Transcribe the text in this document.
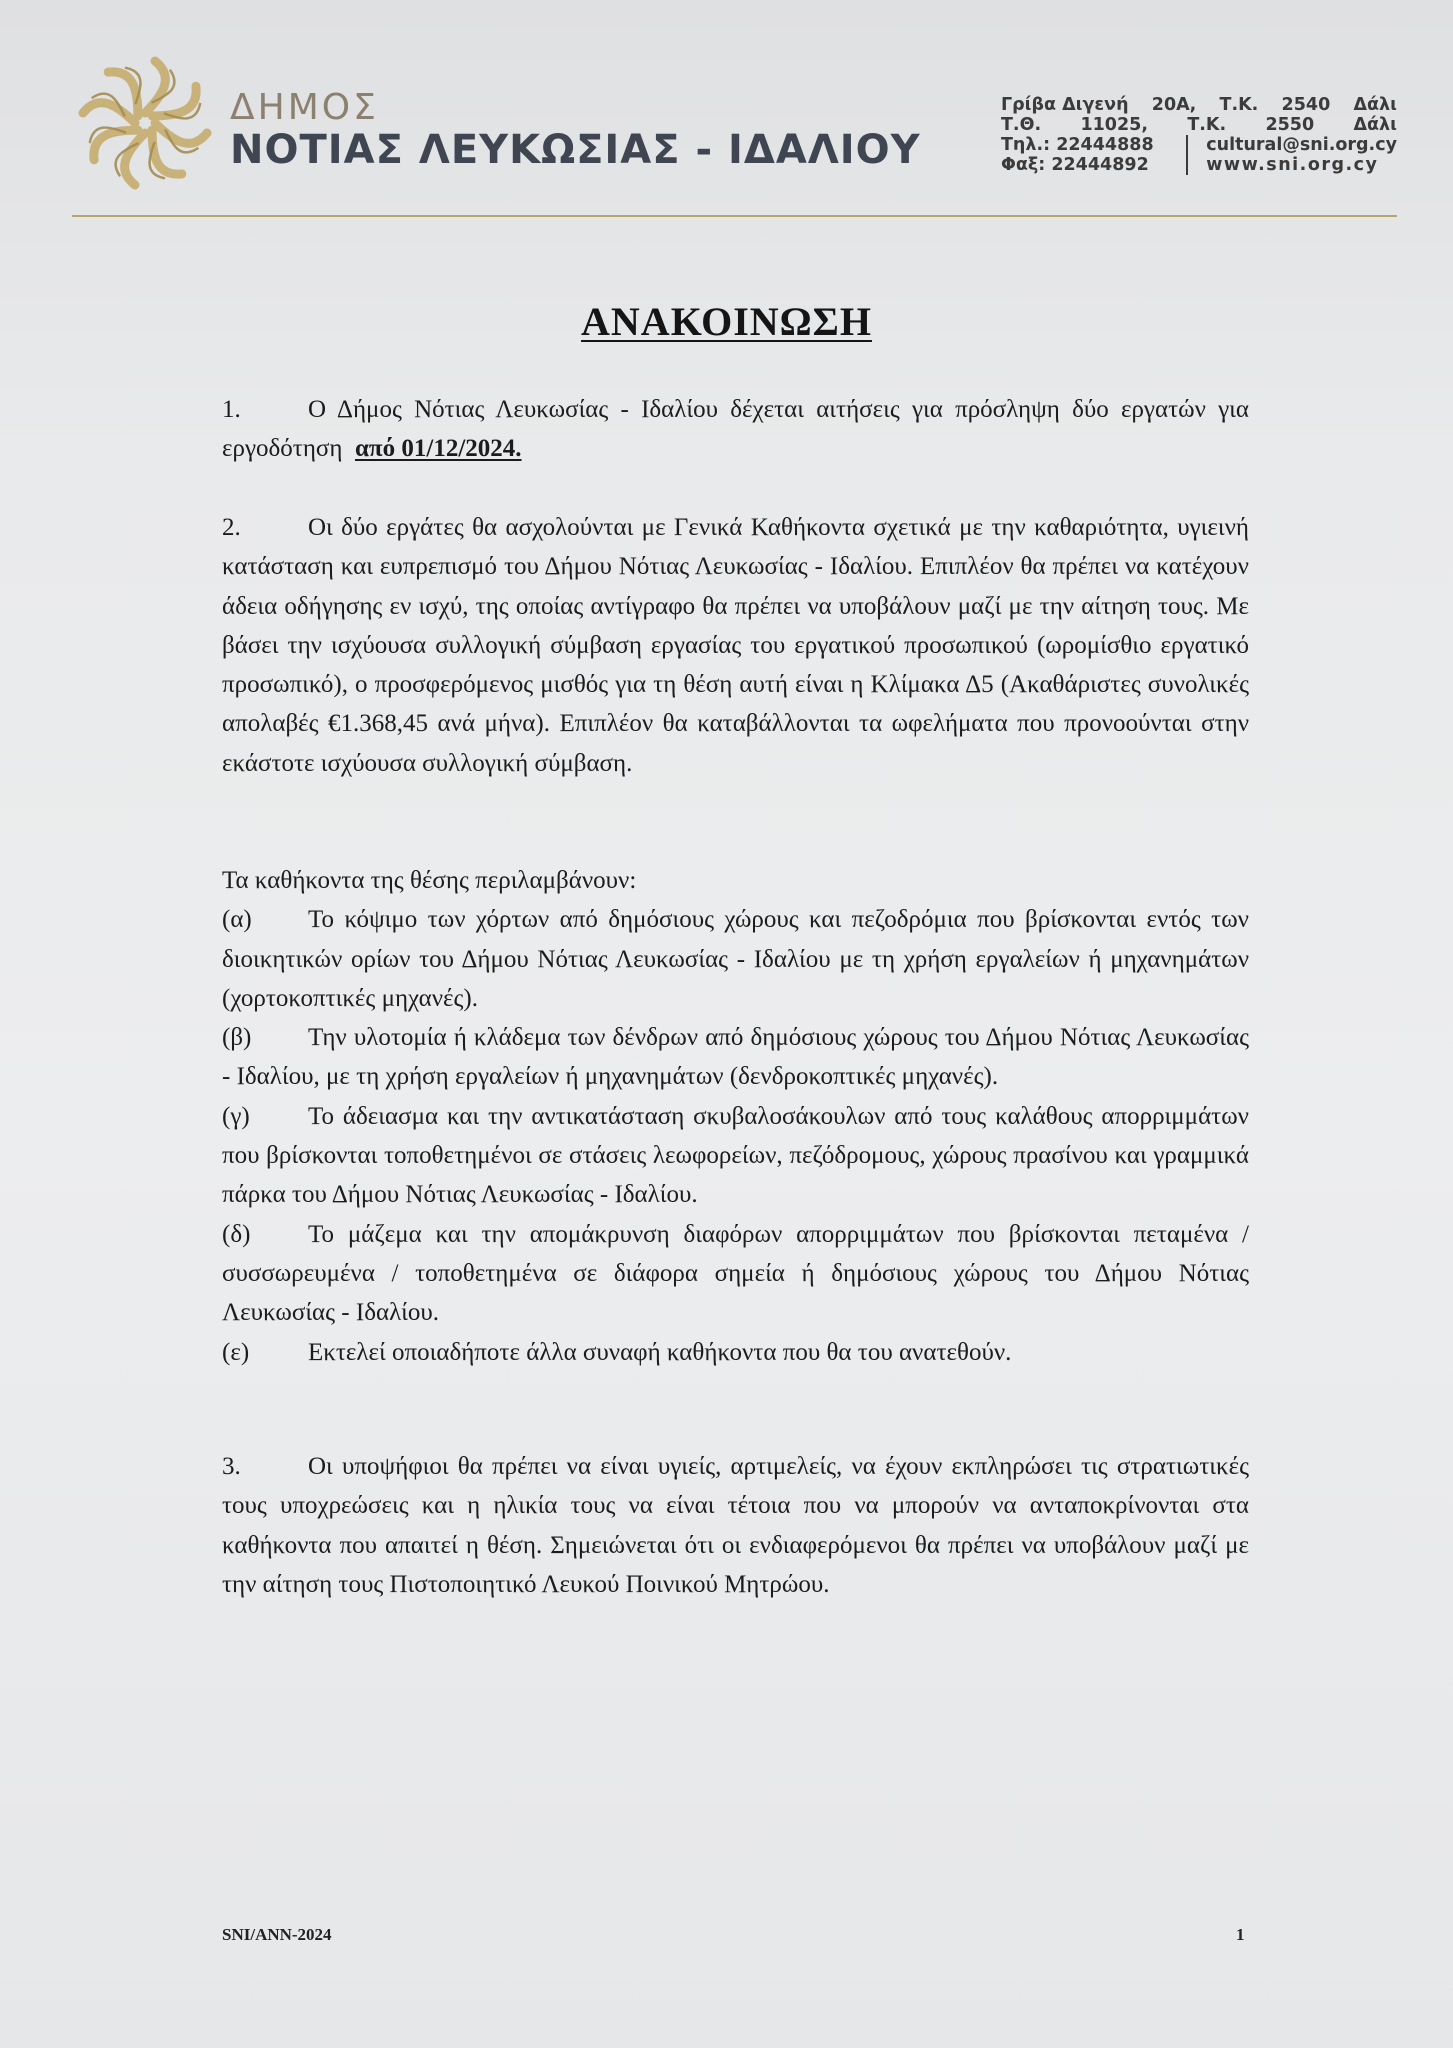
ΔΗΜΟΣ
ΝΟΤΙΑΣ ΛΕΥΚΩΣΙΑΣ - ΙΔΑΛΙΟΥ
Γρίβα Διγενή 20Α, Τ.Κ. 2540 Δάλι
Τ.Θ. 11025, Τ.Κ. 2550 Δάλι
Τηλ.: 22444888
Φαξ: 22444892
cultural@sni.org.cy
www.sni.org.cy
ΑΝΑΚΟΙΝΩΣΗ

1.	Ο Δήμος Νότιας Λευκωσίας - Ιδαλίου δέχεται αιτήσεις για πρόσληψη δύο εργατών για εργοδότηση από 01/12/2024.

2.	Οι δύο εργάτες θα ασχολούνται με Γενικά Καθήκοντα σχετικά με την καθαριότητα, υγιεινή κατάσταση και ευπρεπισμό του Δήμου Νότιας Λευκωσίας - Ιδαλίου. Επιπλέον θα πρέπει να κατέχουν άδεια οδήγησης εν ισχύ, της οποίας αντίγραφο θα πρέπει να υποβάλουν μαζί με την αίτηση τους. Με βάσει την ισχύουσα συλλογική σύμβαση εργασίας του εργατικού προσωπικού (ωρομίσθιο εργατικό προσωπικό), ο προσφερόμενος μισθός για τη θέση αυτή είναι η Κλίμακα Δ5 (Ακαθάριστες συνολικές απολαβές €1.368,45 ανά μήνα). Επιπλέον θα καταβάλλονται τα ωφελήματα που προνοούνται στην εκάστοτε ισχύουσα συλλογική σύμβαση.

Τα καθήκοντα της θέσης περιλαμβάνουν:

(α) Το κόψιμο των χόρτων από δημόσιους χώρους και πεζοδρόμια που βρίσκονται εντός των διοικητικών ορίων του Δήμου Νότιας Λευκωσίας - Ιδαλίου με τη χρήση εργαλείων ή μηχανημάτων (χορτοκοπτικές μηχανές).

(β) Την υλοτομία ή κλάδεμα των δένδρων από δημόσιους χώρους του Δήμου Νότιας Λευκωσίας - Ιδαλίου, με τη χρήση εργαλείων ή μηχανημάτων (δενδροκοπτικές μηχανές).

(γ) Το άδειασμα και την αντικατάσταση σκυβαλοσάκουλων από τους καλάθους απορριμμάτων που βρίσκονται τοποθετημένοι σε στάσεις λεωφορείων, πεζόδρομους, χώρους πρασίνου και γραμμικά πάρκα του Δήμου Νότιας Λευκωσίας - Ιδαλίου.

(δ) Το μάζεμα και την απομάκρυνση διαφόρων απορριμμάτων που βρίσκονται πεταμένα / συσσωρευμένα / τοποθετημένα σε διάφορα σημεία ή δημόσιους χώρους του Δήμου Νότιας Λευκωσίας - Ιδαλίου.

(ε) Εκτελεί οποιαδήποτε άλλα συναφή καθήκοντα που θα του ανατεθούν.

3.	Οι υποψήφιοι θα πρέπει να είναι υγιείς, αρτιμελείς, να έχουν εκπληρώσει τις στρατιωτικές τους υποχρεώσεις και η ηλικία τους να είναι τέτοια που να μπορούν να ανταποκρίνονται στα καθήκοντα που απαιτεί η θέση. Σημειώνεται ότι οι ενδιαφερόμενοι θα πρέπει να υποβάλουν μαζί με την αίτηση τους Πιστοποιητικό Λευκού Ποινικού Μητρώου.

SNI/ANN-2024	1
